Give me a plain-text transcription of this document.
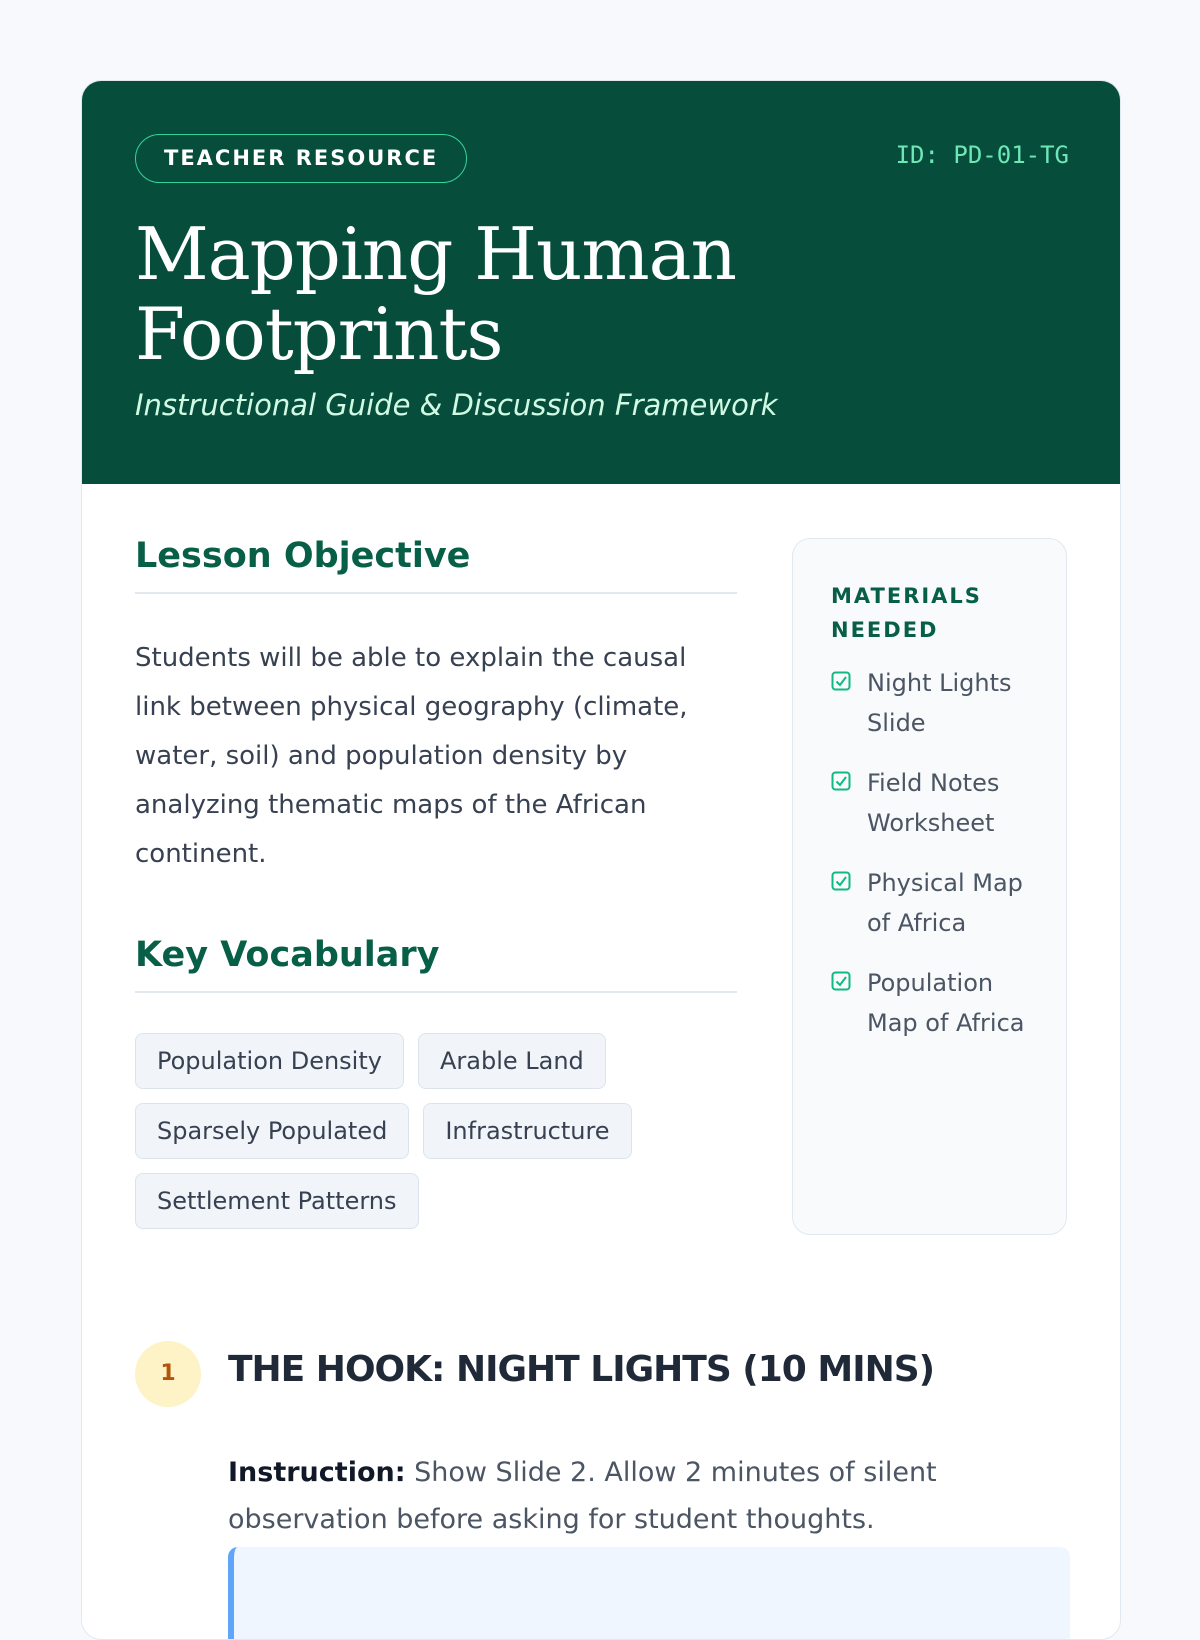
TEACHER RESOURCE	ID: PD-01-TG
Mapping Human
Footprints
Instructional Guide & Discussion Framework
Lesson Objective

Students will be able to explain the causal link between physical geography (climate, water, soil) and population density by analyzing thematic maps of the African continent.

Key Vocabulary
Population Density	Arable Land
Sparsely Populated	Infrastructure
Settlement Patterns
MATERIALS NEEDED
Night Lights Slide
Field Notes Worksheet
Physical Map of Africa
Population Map of Africa
1	THE HOOK: NIGHT LIGHTS (10 MINS)

Instruction: Show Slide 2. Allow 2 minutes of silent observation before asking for student thoughts.
